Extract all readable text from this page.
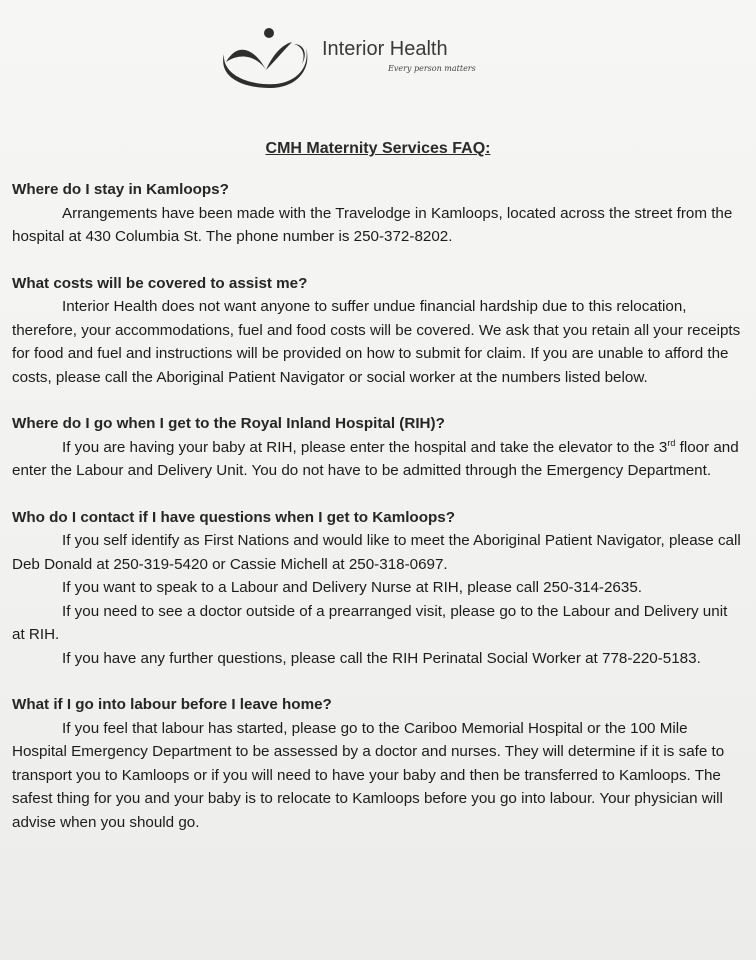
Interior Health
Every person matters
CMH Maternity Services FAQ:

Where do I stay in Kamloops?

Arrangements have been made with the Travelodge in Kamloops, located across the street from the hospital at 430 Columbia St. The phone number is 250-372-8202.

What costs will be covered to assist me?

Interior Health does not want anyone to suffer undue financial hardship due to this relocation, therefore, your accommodations, fuel and food costs will be covered. We ask that you retain all your receipts for food and fuel and instructions will be provided on how to submit for claim. If you are unable to afford the costs, please call the Aboriginal Patient Navigator or social worker at the numbers listed below.

Where do I go when I get to the Royal Inland Hospital (RIH)?

If you are having your baby at RIH, please enter the hospital and take the elevator to the 3rd floor and enter the Labour and Delivery Unit. You do not have to be admitted through the Emergency Department.

Who do I contact if I have questions when I get to Kamloops?

If you self identify as First Nations and would like to meet the Aboriginal Patient Navigator, please call Deb Donald at 250-319-5420 or Cassie Michell at 250-318-0697.

If you want to speak to a Labour and Delivery Nurse at RIH, please call 250-314-2635.

If you need to see a doctor outside of a prearranged visit, please go to the Labour and Delivery unit at RIH.

If you have any further questions, please call the RIH Perinatal Social Worker at 778-220-5183.

What if I go into labour before I leave home?

If you feel that labour has started, please go to the Cariboo Memorial Hospital or the 100 Mile Hospital Emergency Department to be assessed by a doctor and nurses. They will determine if it is safe to transport you to Kamloops or if you will need to have your baby and then be transferred to Kamloops. The safest thing for you and your baby is to relocate to Kamloops before you go into labour. Your physician will advise when you should go.
